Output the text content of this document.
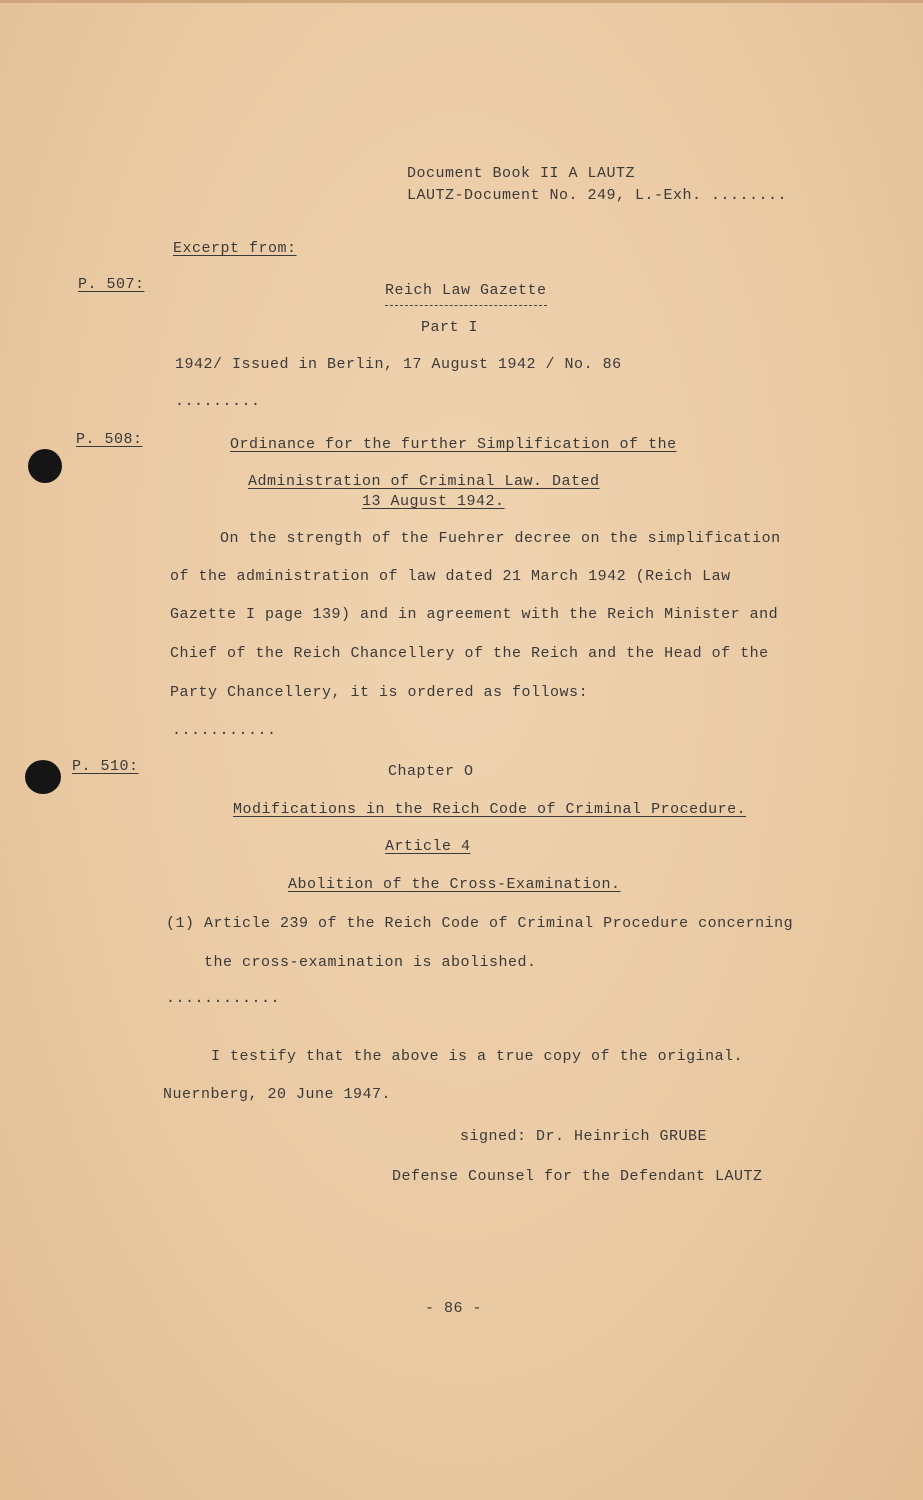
Document Book II A LAUTZ
LAUTZ-Document No. 249, L.-Exh. ........
Excerpt from:
P. 507:	Reich Law Gazette
Part I
1942/ Issued in Berlin, 17 August 1942 / No. 86
.........
P. 508:	Ordinance for the further Simplification of the
Administration of Criminal Law. Dated
13 August 1942.
On the strength of the Fuehrer decree on the simplification
of the administration of law dated 21 March 1942 (Reich Law
Gazette I page 139) and in agreement with the Reich Minister and
Chief of the Reich Chancellery of the Reich and the Head of the
Party Chancellery, it is ordered as follows:
...........
P. 510:	Chapter O
Modifications in the Reich Code of Criminal Procedure.
Article 4
Abolition of the Cross-Examination.
(1) Article 239 of the Reich Code of Criminal Procedure concerning
the cross-examination is abolished.
............
I testify that the above is a true copy of the original.
Nuernberg, 20 June 1947.
signed: Dr. Heinrich GRUBE
Defense Counsel for the Defendant LAUTZ
- 86 -
